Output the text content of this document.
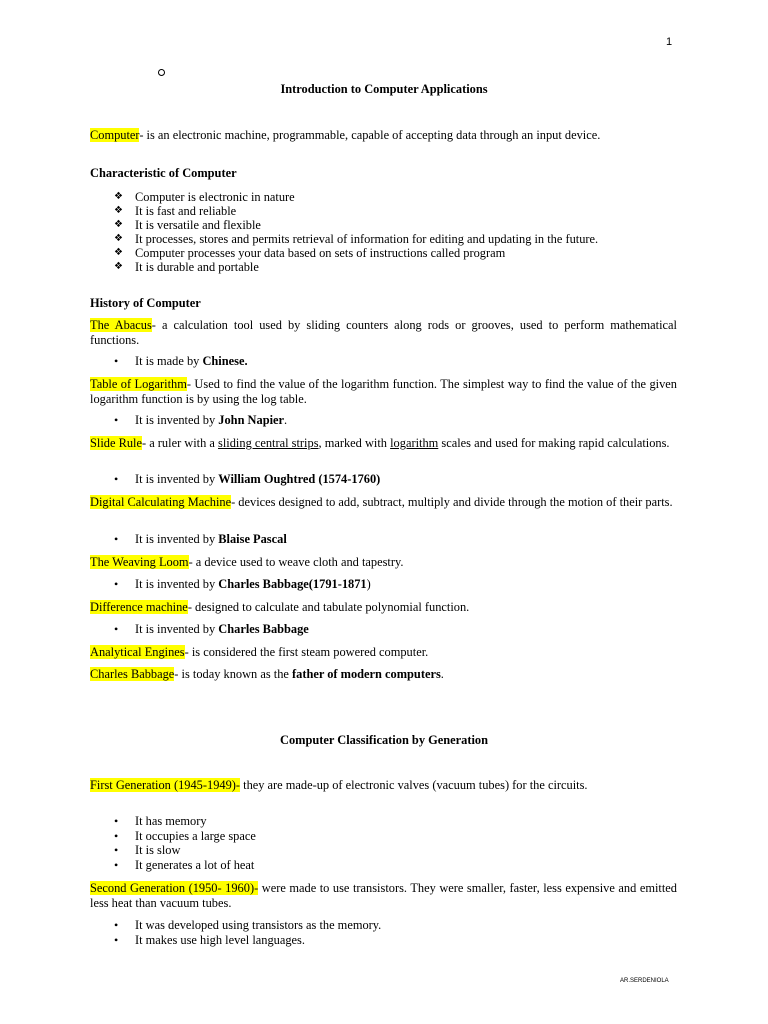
1
Introduction to Computer Applications
Computer- is an electronic machine, programmable, capable of accepting data through an input device.
Characteristic of Computer
❖ Computer is electronic in nature
❖ It is fast and reliable
❖ It is versatile and flexible
❖ It processes, stores and permits retrieval of information for editing and updating in the future.
❖ Computer processes your data based on sets of instructions called program
❖ It is durable and portable
History of Computer
The Abacus- a calculation tool used by sliding counters along rods or grooves, used to perform mathematical functions.
• It is made by Chinese.
Table of Logarithm- Used to find the value of the logarithm function. The simplest way to find the value of the given logarithm function is by using the log table.
• It is invented by John Napier.
Slide Rule- a ruler with a sliding central strips, marked with logarithm scales and used for making rapid calculations.
• It is invented by William Oughtred (1574-1760)
Digital Calculating Machine- devices designed to add, subtract, multiply and divide through the motion of their parts.
• It is invented by Blaise Pascal
The Weaving Loom- a device used to weave cloth and tapestry.
• It is invented by Charles Babbage(1791-1871)
Difference machine- designed to calculate and tabulate polynomial function.
• It is invented by Charles Babbage
Analytical Engines- is considered the first steam powered computer.
Charles Babbage- is today known as the father of modern computers.
Computer Classification by Generation
First Generation (1945-1949)- they are made-up of electronic valves (vacuum tubes) for the circuits.
• It has memory
• It occupies a large space
• It is slow
• It generates a lot of heat
Second Generation (1950- 1960)- were made to use transistors. They were smaller, faster, less expensive and emitted less heat than vacuum tubes.
• It was developed using transistors as the memory.
• It makes use high level languages.
AR.SERDENIOLA
